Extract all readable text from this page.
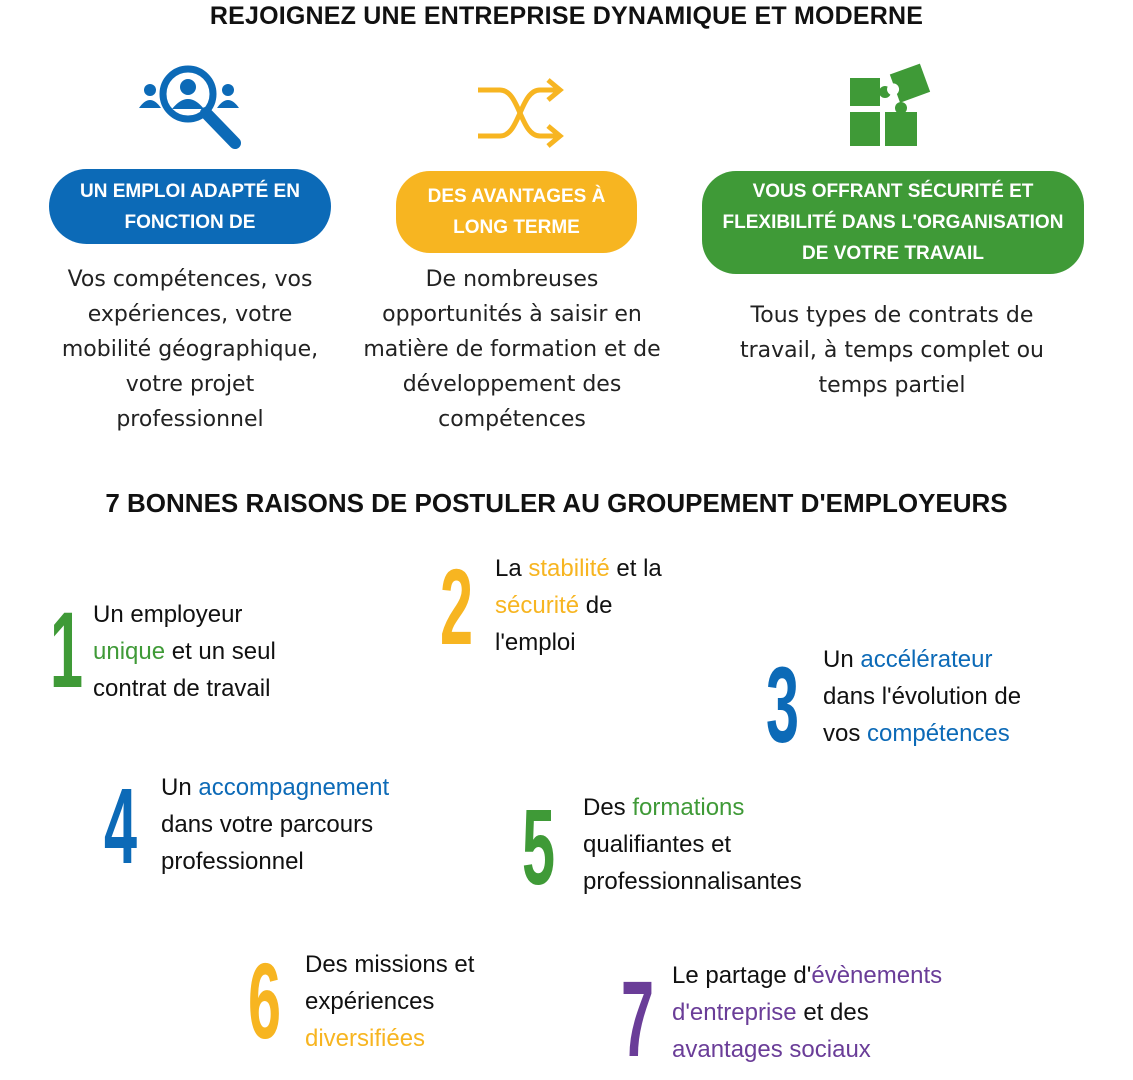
REJOIGNEZ UNE ENTREPRISE DYNAMIQUE ET MODERNE
UN EMPLOI ADAPTÉ EN
FONCTION DE
DES AVANTAGES À
LONG TERME
VOUS OFFRANT SÉCURITÉ ET
FLEXIBILITÉ DANS L'ORGANISATION
DE VOTRE TRAVAIL
Vos compétences, vos
expériences, votre
mobilité géographique,
votre projet
professionnel
De nombreuses
opportunités à saisir en
matière de formation et de
développement des
compétences
Tous types de contrats de
travail, à temps complet ou
temps partiel
7 BONNES RAISONS DE POSTULER AU GROUPEMENT D'EMPLOYEURS
1 Un employeur
unique et un seul
contrat de travail
2 La stabilité et la
sécurité de
l'emploi
3 Un accélérateur
dans l'évolution de
vos compétences
4 Un accompagnement
dans votre parcours
professionnel	5 Des formations
qualifiantes et
professionnalisantes
6 Des missions et
expériences
diversifiées	7 Le partage d'évènements
d'entreprise et des
avantages sociaux
